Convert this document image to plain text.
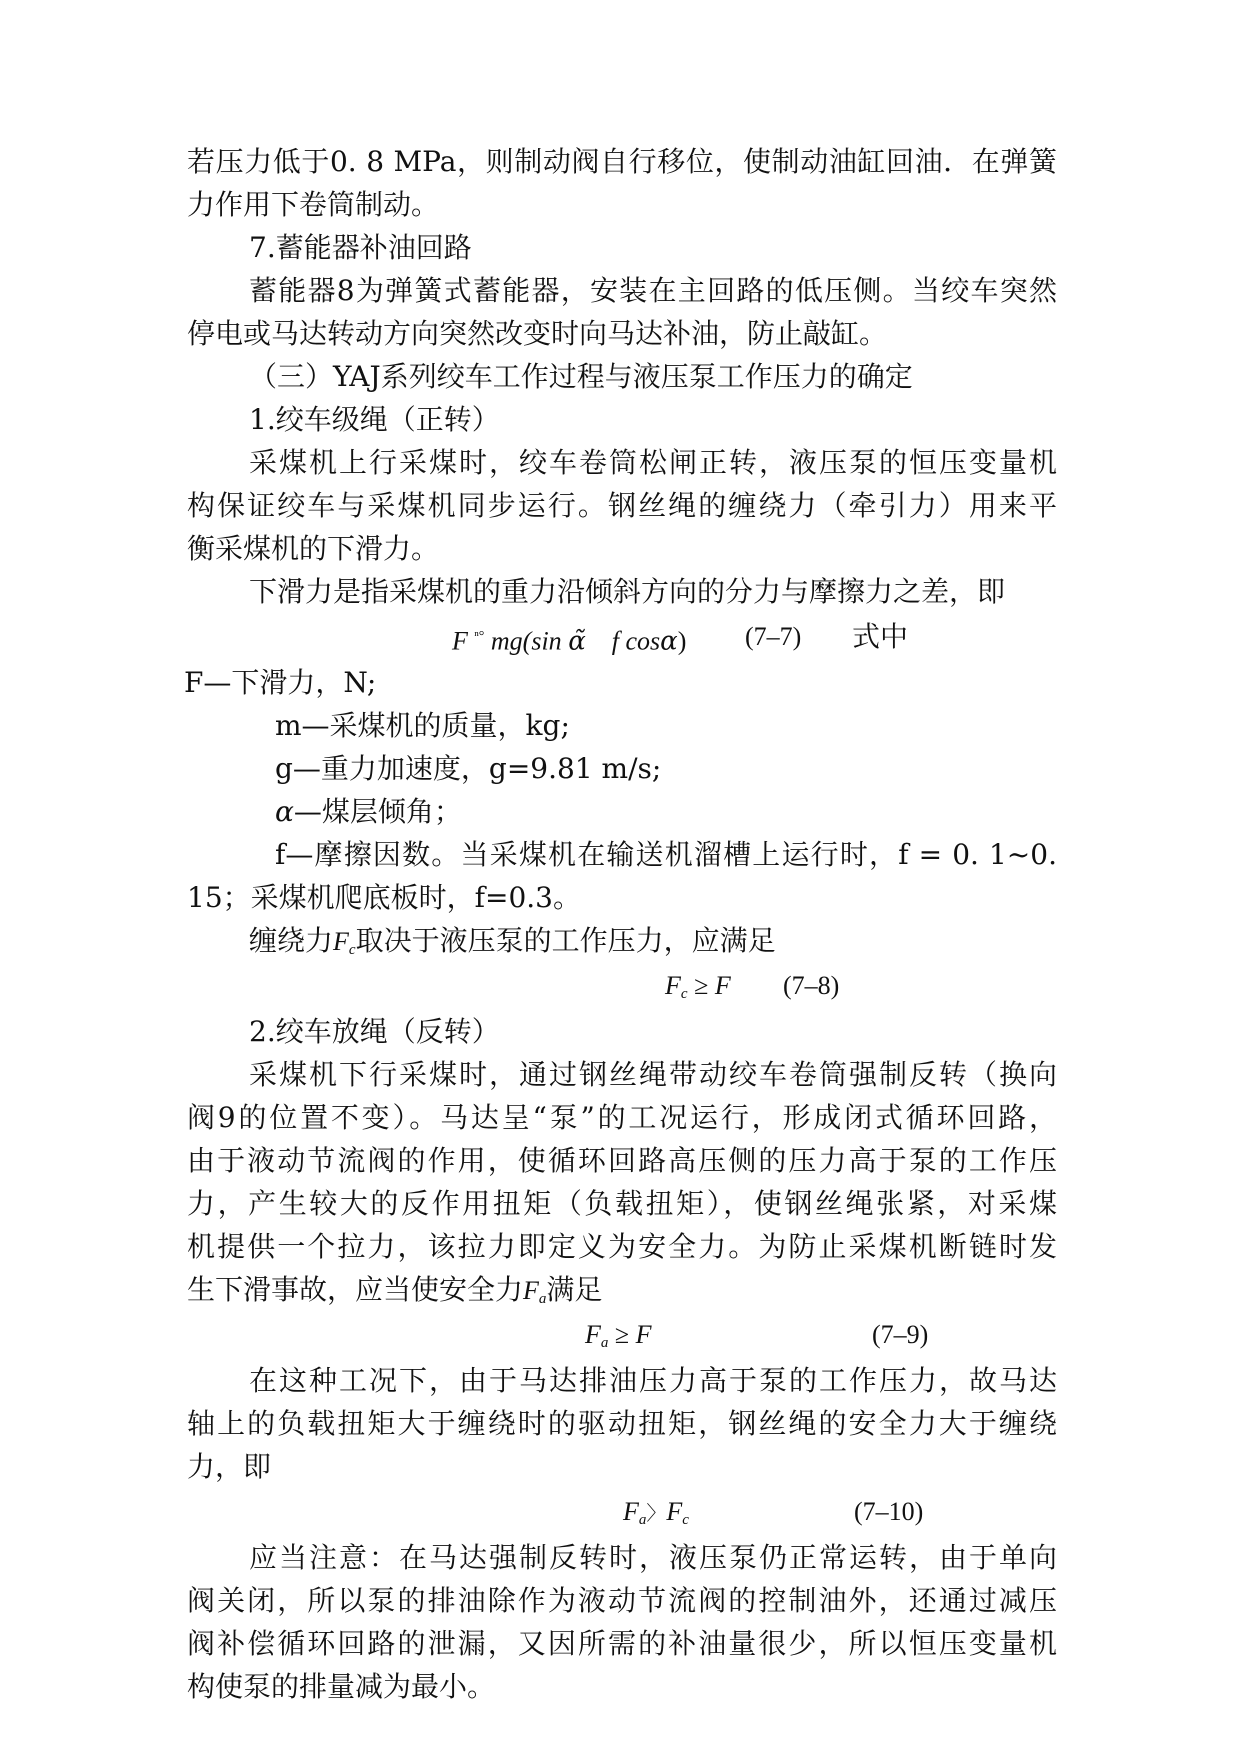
若压力低于0. 8 MPa，则制动阀自行移位，使制动油缸回油．在弹簧
力作用下卷筒制动。
7.蓄能器补油回路
蓄能器8为弹簧式蓄能器，安装在主回路的低压侧。当绞车突然
停电或马达转动方向突然改变时向马达补油，防止敲缸。
（三）YAJ系列绞车工作过程与液压泵工作压力的确定
1.绞车级绳（正转）
采煤机上行采煤时，绞车卷筒松闸正转，液压泵的恒压变量机
构保证绞车与采煤机同步运行。钢丝绳的缠绕力（牵引力）用来平
衡采煤机的下滑力。
下滑力是指采煤机的重力沿倾斜方向的分力与摩擦力之差，即
F $^{^n^\circ}$ mg(sin α̃ f cosα) (7–7) 式中
F—下滑力，N;
m—采煤机的质量，kg;
g—重力加速度，g=9.81 m/s;
α—煤层倾角；
f—摩擦因数。当采煤机在输送机溜槽上运行时，f = 0. 1~0.
15；采煤机爬底板时，f=0.3。
缠绕力$F_c$取决于液压泵的工作压力，应满足
$F_c \ge F$ (7–8)
2.绞车放绳（反转）
采煤机下行采煤时，通过钢丝绳带动绞车卷筒强制反转（换向
阀9的位置不变）。马达呈“泵”的工况运行，形成闭式循环回路，
由于液动节流阀的作用，使循环回路高压侧的压力高于泵的工作压
力，产生较大的反作用扭矩（负载扭矩），使钢丝绳张紧，对采煤
机提供一个拉力，该拉力即定义为安全力。为防止采煤机断链时发
生下滑事故，应当使安全力$F_a$满足
$F_a \ge F$	(7–9)
在这种工况下，由于马达排油压力高于泵的工作压力，故马达
轴上的负载扭矩大于缠绕时的驱动扭矩，钢丝绳的安全力大于缠绕
力，即
$F_a$〉$F_c$	(7–10)
应当注意：在马达强制反转时，液压泵仍正常运转，由于单向
阀关闭，所以泵的排油除作为液动节流阀的控制油外，还通过减压
阀补偿循环回路的泄漏，又因所需的补油量很少，所以恒压变量机
构使泵的排量减为最小。
